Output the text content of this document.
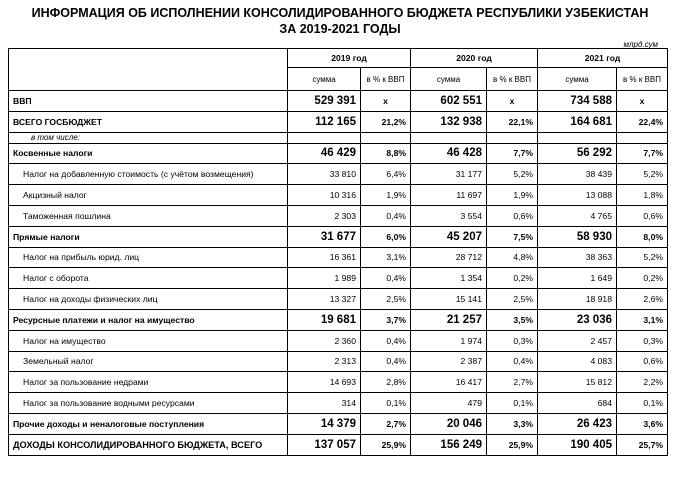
ИНФОРМАЦИЯ ОБ ИСПОЛНЕНИИ КОНСОЛИДИРОВАННОГО БЮДЖЕТА РЕСПУБЛИКИ УЗБЕКИСТАН
ЗА 2019-2021 ГОДЫ
млрд.сум
	2019 год		2020 год		2021 год	
	сумма	в % к ВВП	сумма	в % к ВВП	сумма	в % к ВВП
ВВП	529 391	x	602 551	x	734 588	x
ВСЕГО ГОСБЮДЖЕТ	112 165	21,2%	132 938	22,1%	164 681	22,4%
в том числе:						
Косвенные налоги	46 429	8,8%	46 428	7,7%	56 292	7,7%
Налог на добавленную стоимость (с учётом возмещения)	33 810	6,4%	31 177	5,2%	38 439	5,2%
Акцизный налог	10 316	1,9%	11 697	1,9%	13 088	1,8%
Таможенная пошлина	2 303	0,4%	3 554	0,6%	4 765	0,6%
Прямые налоги	31 677	6,0%	45 207	7,5%	58 930	8,0%
Налог на прибыль юрид. лиц	16 361	3,1%	28 712	4,8%	38 363	5,2%
Налог с оборота	1 989	0,4%	1 354	0,2%	1 649	0,2%
Налог на доходы физических лиц	13 327	2,5%	15 141	2,5%	18 918	2,6%
Ресурсные платежи и налог на имущество	19 681	3,7%	21 257	3,5%	23 036	3,1%
Налог на имущество	2 360	0,4%	1 974	0,3%	2 457	0,3%
Земельный налог	2 313	0,4%	2 387	0,4%	4 083	0,6%
Налог за пользование недрами	14 693	2,8%	16 417	2,7%	15 812	2,2%
Налог за пользование водными ресурсами	314	0,1%	479	0,1%	684	0,1%
Прочие доходы и неналоговые поступления	14 379	2,7%	20 046	3,3%	26 423	3,6%
ДОХОДЫ КОНСОЛИДИРОВАННОГО БЮДЖЕТА, ВСЕГО	137 057	25,9%	156 249	25,9%	190 405	25,7%
